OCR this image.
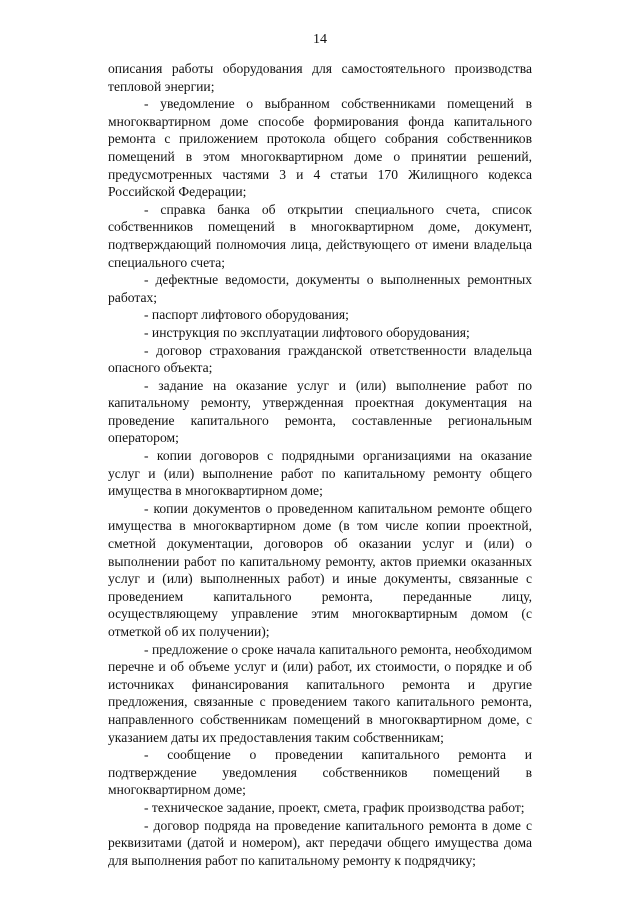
14

описания работы оборудования для самостоятельного производства тепловой энергии;

- уведомление о выбранном собственниками помещений в многоквартирном доме способе формирования фонда капитального ремонта с приложением протокола общего собрания собственников помещений в этом многоквартирном доме о принятии решений, предусмотренных частями 3 и 4 статьи 170 Жилищного кодекса Российской Федерации;

- справка банка об открытии специального счета, список собственников помещений в многоквартирном доме, документ, подтверждающий полномочия лица, действующего от имени владельца специального счета;

- дефектные ведомости, документы о выполненных ремонтных работах;

- паспорт лифтового оборудования;

- инструкция по эксплуатации лифтового оборудования;

- договор страхования гражданской ответственности владельца опасного объекта;

- задание на оказание услуг и (или) выполнение работ по капитальному ремонту, утвержденная проектная документация на проведение капитального ремонта, составленные региональным оператором;

- копии договоров с подрядными организациями на оказание услуг и (или) выполнение работ по капитальному ремонту общего имущества в многоквартирном доме;

- копии документов о проведенном капитальном ремонте общего имущества в многоквартирном доме (в том числе копии проектной, сметной документации, договоров об оказании услуг и (или) о выполнении работ по капитальному ремонту, актов приемки оказанных услуг и (или) выполненных работ) и иные документы, связанные с проведением капитального ремонта, переданные лицу, осуществляющему управление этим многоквартирным домом (с отметкой об их получении);

- предложение о сроке начала капитального ремонта, необходимом перечне и об объеме услуг и (или) работ, их стоимости, о порядке и об источниках финансирования капитального ремонта и другие предложения, связанные с проведением такого капитального ремонта, направленного собственникам помещений в многоквартирном доме, с указанием даты их предоставления таким собственникам;

- сообщение о проведении капитального ремонта и подтверждение уведомления собственников помещений в многоквартирном доме;

- техническое задание, проект, смета, график производства работ;

- договор подряда на проведение капитального ремонта в доме с реквизитами (датой и номером), акт передачи общего имущества дома для выполнения работ по капитальному ремонту к подрядчику;
